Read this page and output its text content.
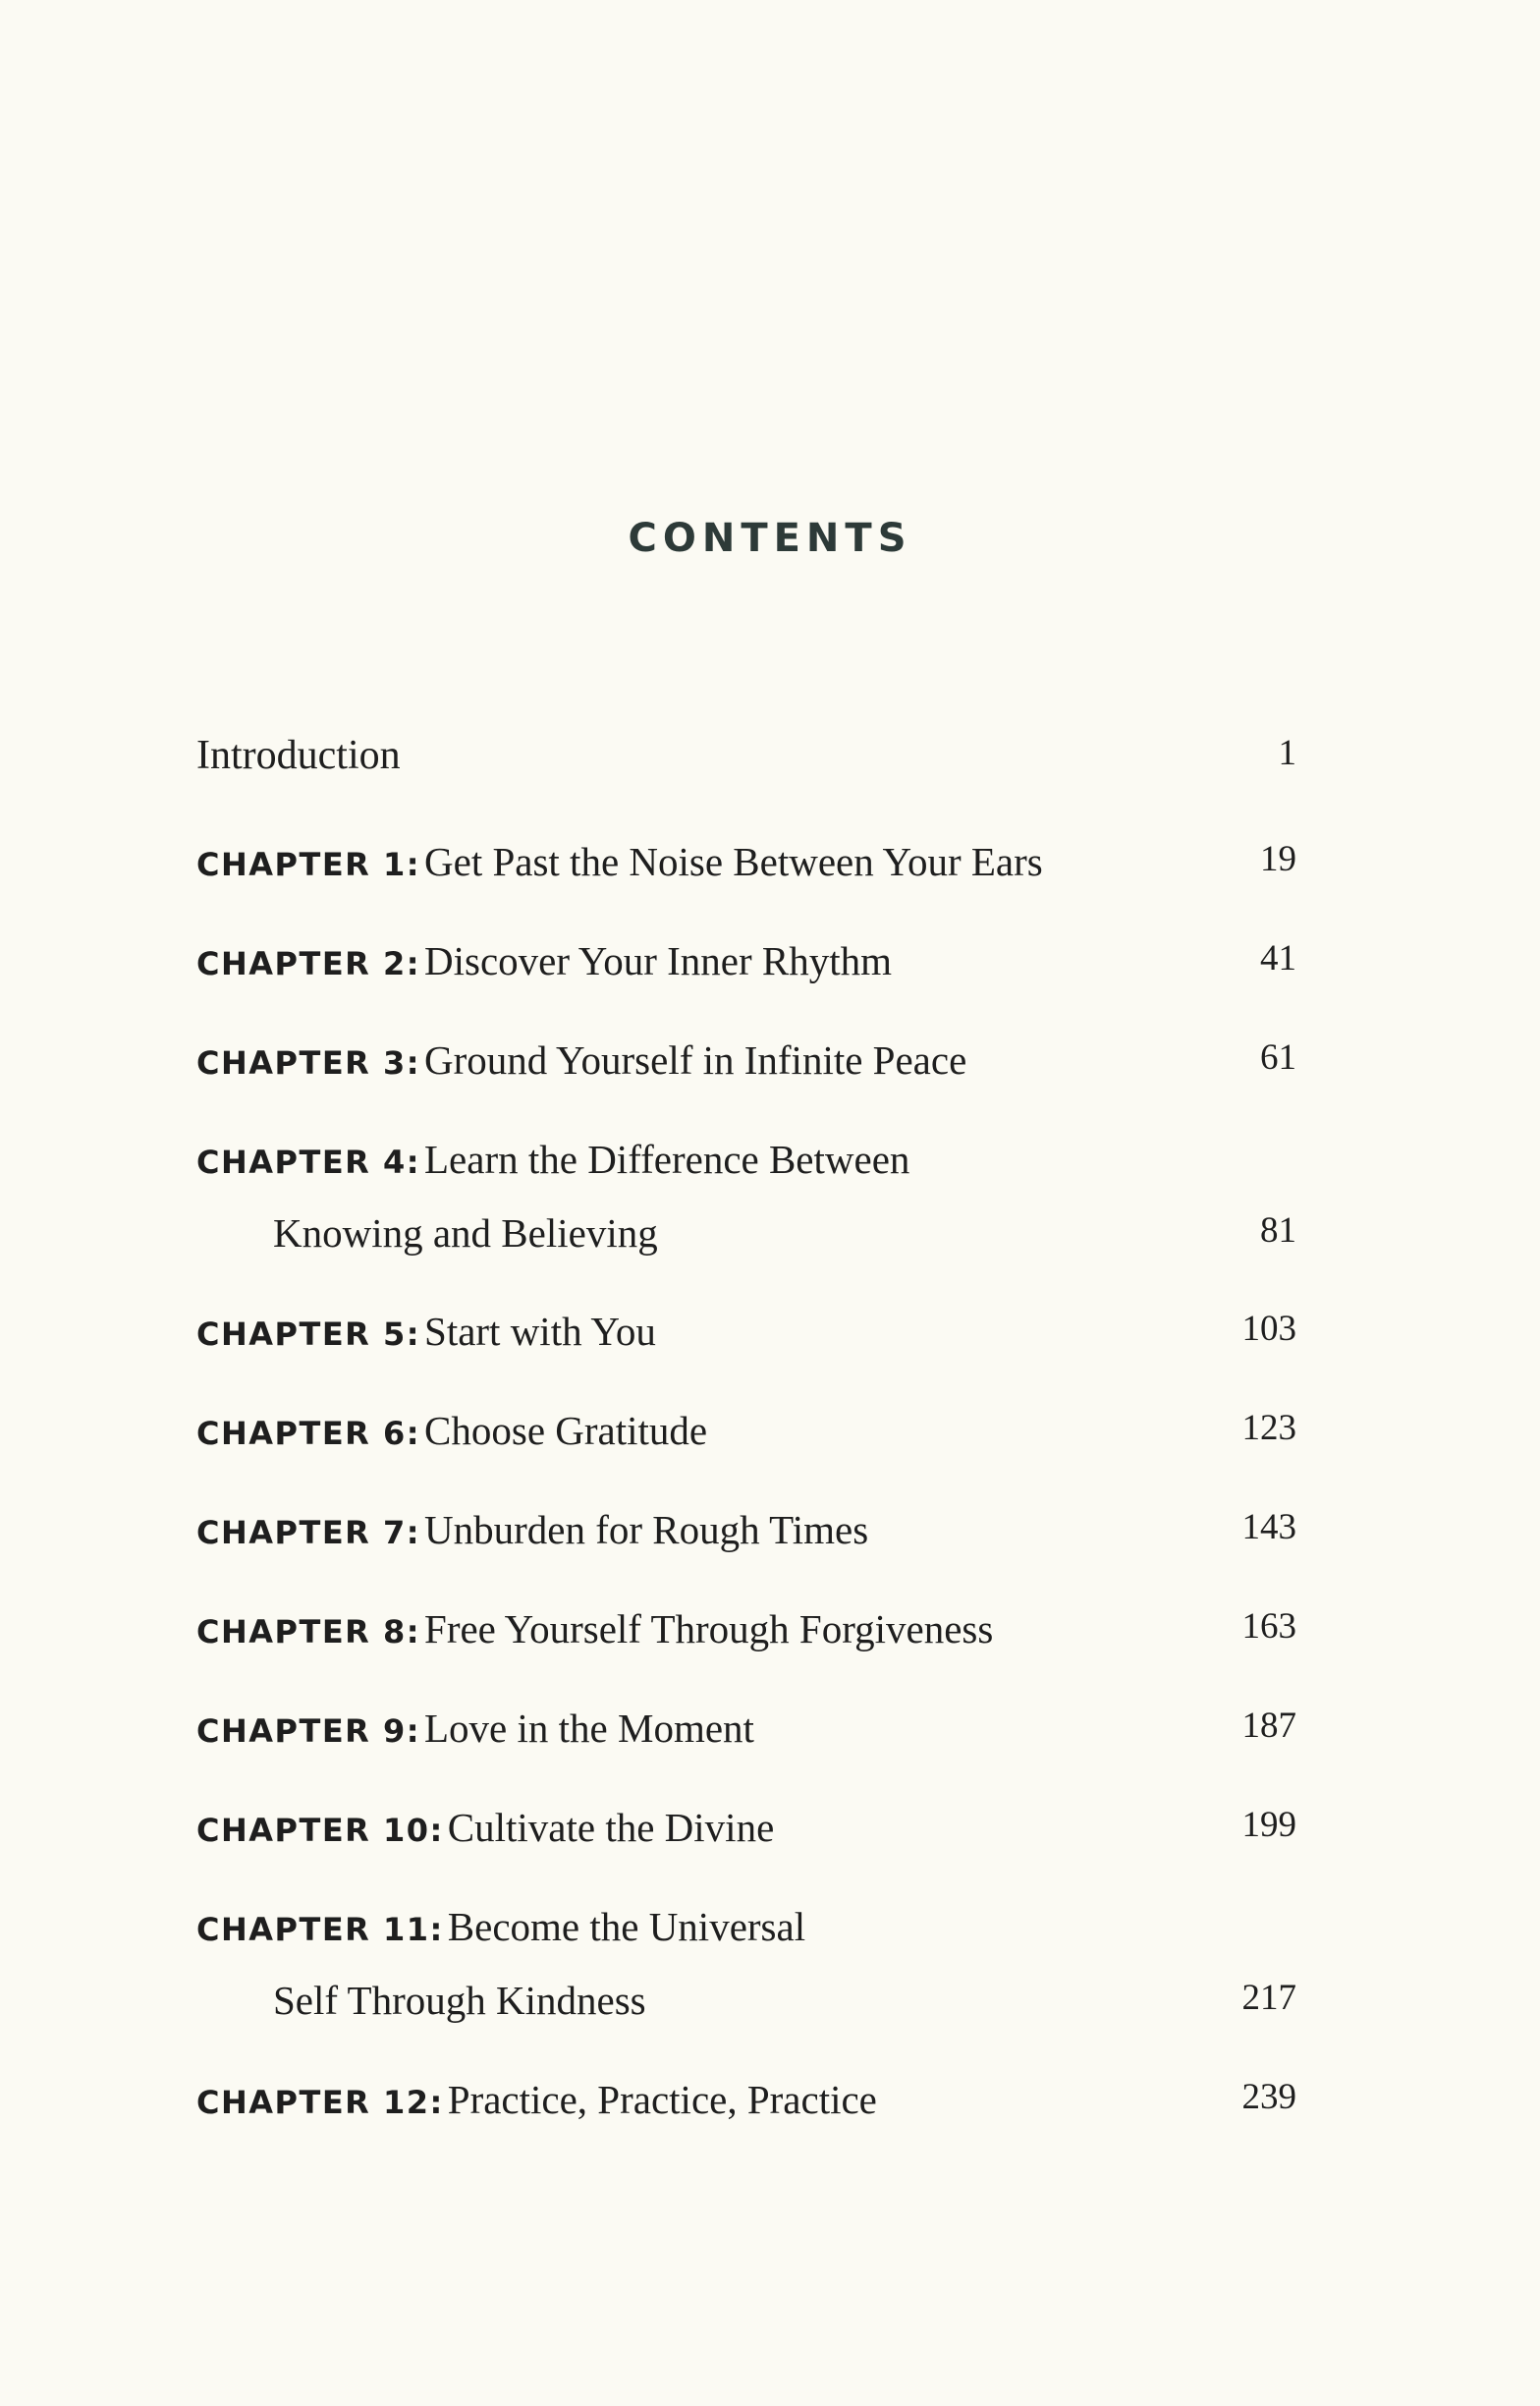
CONTENTS
Introduction	1
CHAPTER 1: Get Past the Noise Between Your Ears	19
CHAPTER 2: Discover Your Inner Rhythm	41
CHAPTER 3: Ground Yourself in Infinite Peace	61
CHAPTER 4: Learn the Difference Between
Knowing and Believing	81
CHAPTER 5: Start with You	103
CHAPTER 6: Choose Gratitude	123
CHAPTER 7: Unburden for Rough Times	143
CHAPTER 8: Free Yourself Through Forgiveness	163
CHAPTER 9: Love in the Moment	187
CHAPTER 10: Cultivate the Divine	199
CHAPTER 11: Become the Universal
Self Through Kindness	217
CHAPTER 12: Practice, Practice, Practice	239
